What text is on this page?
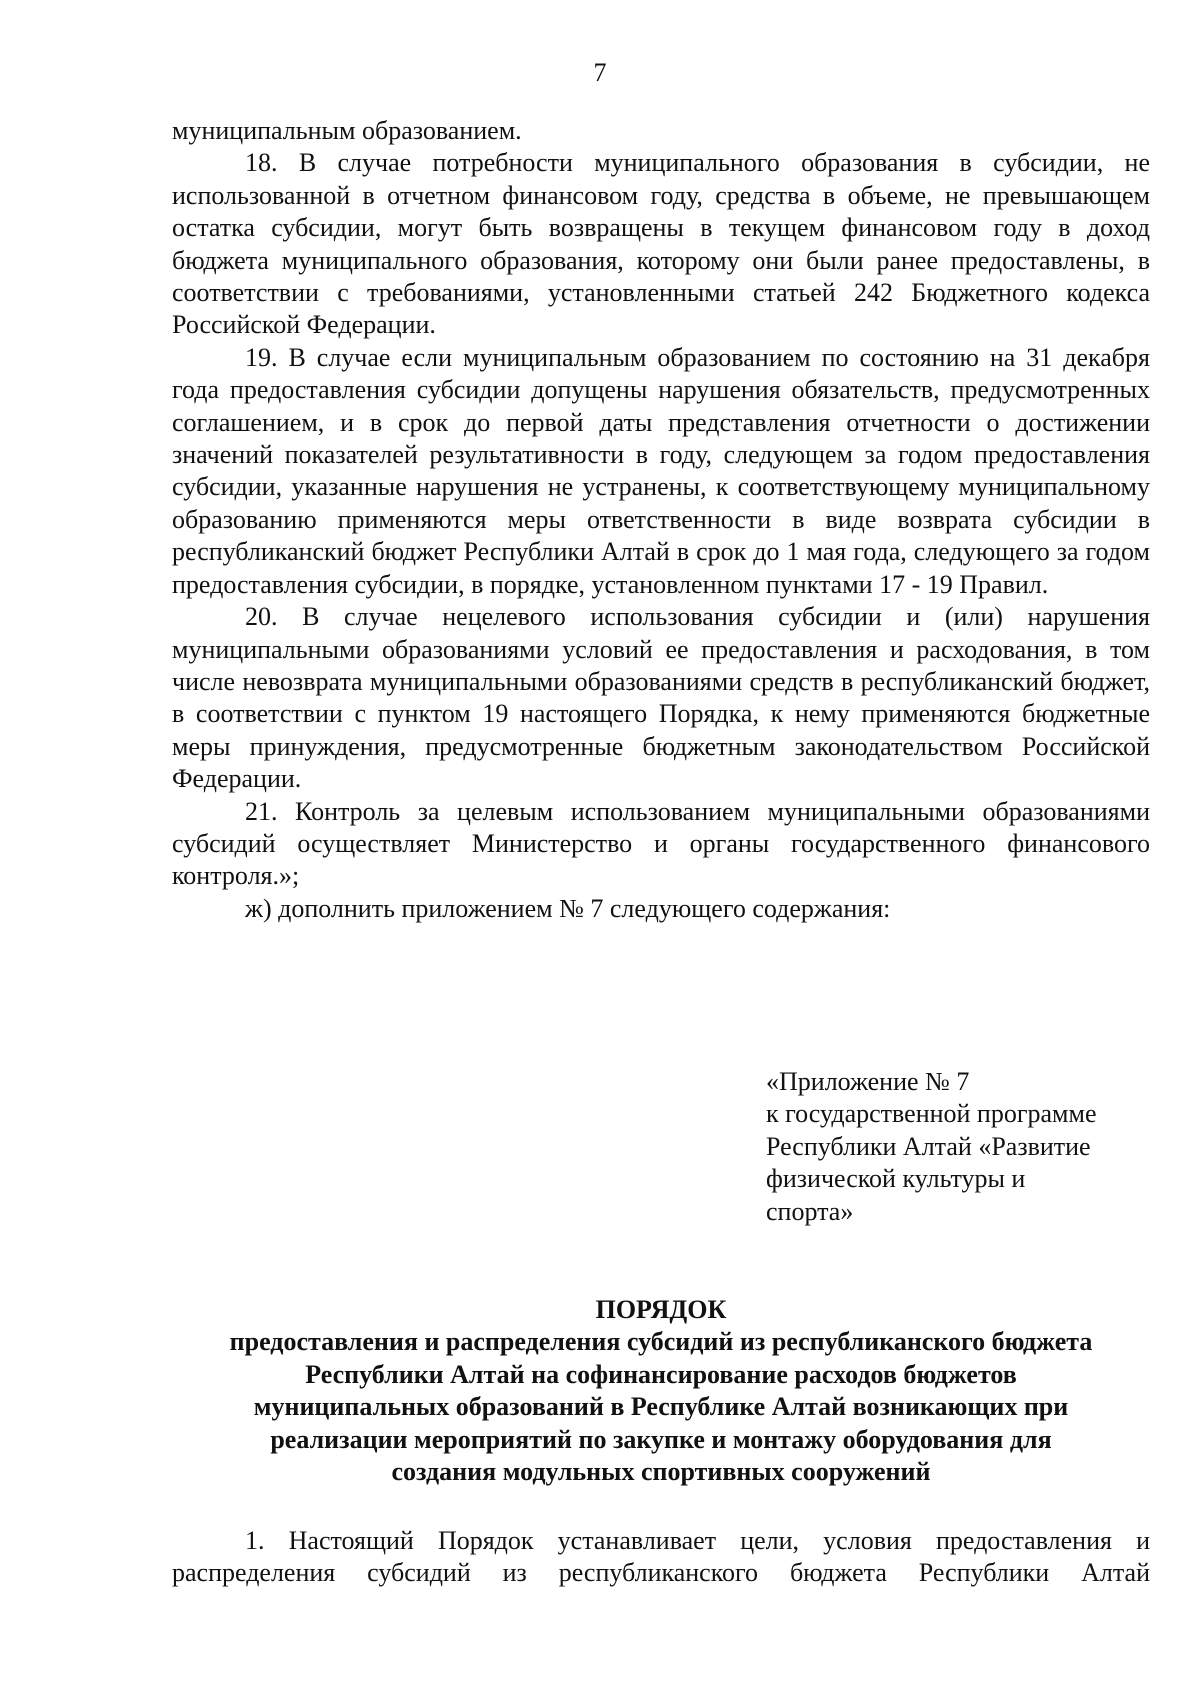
7

муниципальным образованием.

18. В случае потребности муниципального образования в субсидии, не использованной в отчетном финансовом году, средства в объеме, не превышающем остатка субсидии, могут быть возвращены в текущем финансовом году в доход бюджета муниципального образования, которому они были ранее предоставлены, в соответствии с требованиями, установленными статьей 242 Бюджетного кодекса Российской Федерации.

19. В случае если муниципальным образованием по состоянию на 31 декабря года предоставления субсидии допущены нарушения обязательств, предусмотренных соглашением, и в срок до первой даты представления отчетности о достижении значений показателей результативности в году, следующем за годом предоставления субсидии, указанные нарушения не устранены, к соответствующему муниципальному образованию применяются меры ответственности в виде возврата субсидии в республиканский бюджет Республики Алтай в срок до 1 мая года, следующего за годом предоставления субсидии, в порядке, установленном пунктами 17 - 19 Правил.

20. В случае нецелевого использования субсидии и (или) нарушения муниципальными образованиями условий ее предоставления и расходования, в том числе невозврата муниципальными образованиями средств в республиканский бюджет, в соответствии с пунктом 19 настоящего Порядка, к нему применяются бюджетные меры принуждения, предусмотренные бюджетным законодательством Российской Федерации.

21. Контроль за целевым использованием муниципальными образованиями субсидий осуществляет Министерство и органы государственного финансового контроля.»;

ж) дополнить приложением № 7 следующего содержания:

«Приложение № 7
к государственной программе
Республики Алтай «Развитие
физической культуры и
спорта»
ПОРЯДОК
предоставления и распределения субсидий из республиканского бюджета
Республики Алтай на софинансирование расходов бюджетов
муниципальных образований в Республике Алтай возникающих при
реализации мероприятий по закупке и монтажу оборудования для
создания модульных спортивных сооружений

1. Настоящий Порядок устанавливает цели, условия предоставления и распределения субсидий из республиканского бюджета Республики Алтай
